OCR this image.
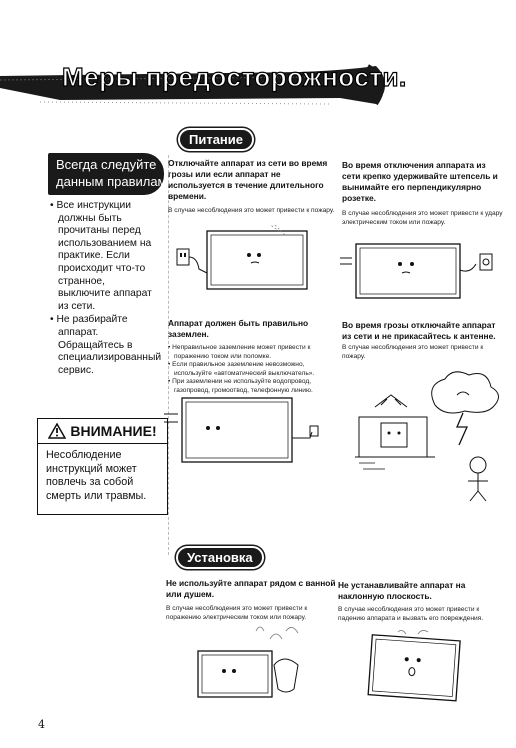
Меры предосторожности.
Всегда следуйте
данным правилам
• Все инструкции должны быть прочитаны перед использованием на практике. Если происходит что-то странное, выключите аппарат из сети.
• Не разбирайте аппарат. Обращайтесь в специализированный сервис.
ВНИМАНИЕ!
Несоблюдение инструкций может повлечь за собой смерть или травмы.
Питание
Отключайте аппарат из сети во время грозы или если аппарат не используется в течение длительного времени.
В случае несоблюдения это может привести к пожару.
Во время отключения аппарата из сети крепко удерживайте штепсель и вынимайте его перпендикулярно розетке.
В случае несоблюдения это может привести к удару электрическим током или пожару.
Аппарат должен быть правильно заземлен.
• Неправильное заземление может привести к поражению током или поломке.
• Если правильное заземление невозможно, используйте «автоматический выключатель».
• При заземлении не используйте водопровод, газопровод, громоотвод, телефонную линию.
Во время грозы отключайте аппарат из сети и не прикасайтесь к антенне.
В случае несоблюдения это может привести к пожару.
Установка
Не используйте аппарат рядом с ванной или душем.
В случае несоблюдения это может привести к поражению электрическим током или пожару.
Не устанавливайте аппарат на наклонную плоскость.
В случае несоблюдения это может привести к падению аппарата и вызвать его повреждения.
4
